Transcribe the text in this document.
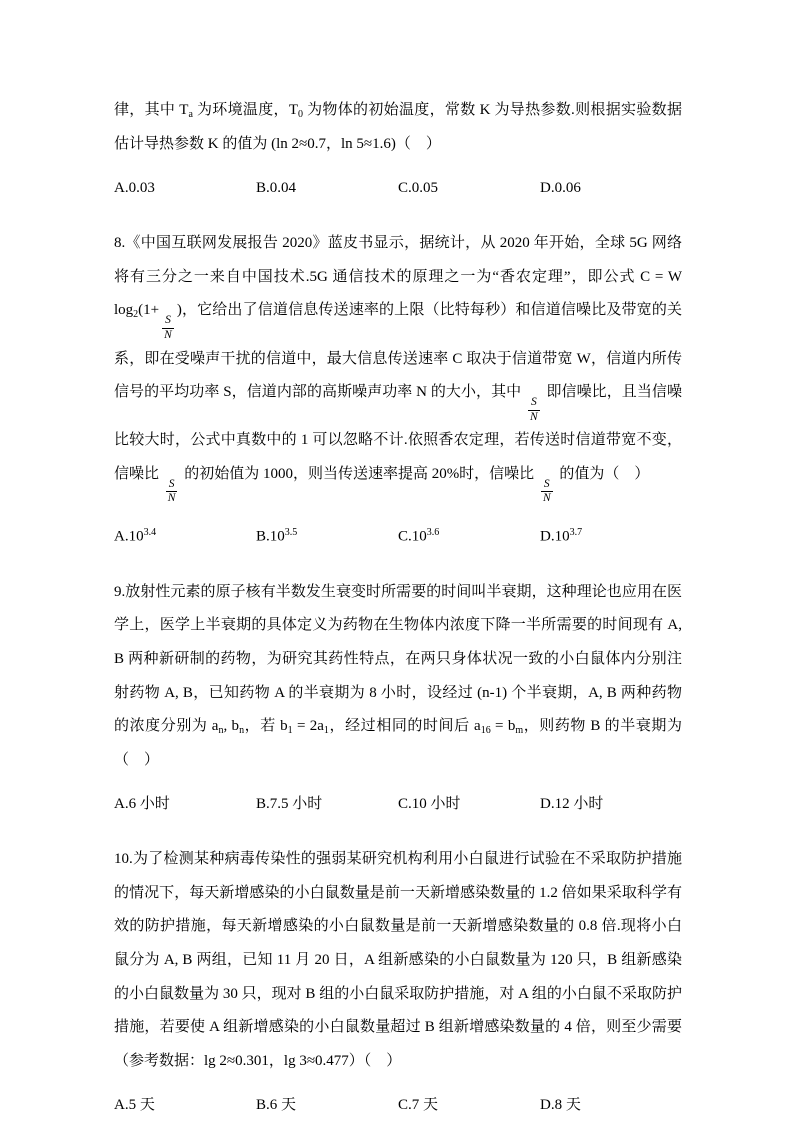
律，其中 $T_a$ 为环境温度，$T_0$ 为物体的初始温度，常数 K 为导热参数.则根据实验数据估计导热参数 K 的值为 (ln 2≈0.7，ln 5≈1.6)（　）

A.0.03	B.0.04	C.0.05	D.0.06

8.《中国互联网发展报告 2020》蓝皮书显示，据统计，从 2020 年开始，全球 5G 网络将有三分之一来自中国技术.5G 通信技术的原理之一为“香农定理”，即公式 C = W $\log_2(1+$
$\frac{S}{N}$
)，它给出了信道信息传送速率的上限（比特每秒）和信道信噪比及带宽的关系，即在受噪声干扰的信道中，最大信息传送速率 C 取决于信道带宽 W，信道内所传信号的平均功率 S，信道内部的高斯噪声功率 N 的大小，其中
$\frac{S}{N}$
即信噪比，且当信噪比较大时，公式中真数中的 1 可以忽略不计.依照香农定理，若传送时信道带宽不变，信噪比
$\frac{S}{N}$
的初始值为 1000，则当传送速率提高 20%时，信噪比
$\frac{S}{N}$
的值为（　）

$A.10^{3.4}$	$B.10^{3.5}$	$C.10^{3.6}$	$D.10^{3.7}$

9.放射性元素的原子核有半数发生衰变时所需要的时间叫半衰期，这种理论也应用在医学上，医学上半衰期的具体定义为药物在生物体内浓度下降一半所需要的时间现有 A, B 两种新研制的药物，为研究其药性特点，在两只身体状况一致的小白鼠体内分别注射药物 A, B，已知药物 A 的半衰期为 8 小时，设经过 (n-1) 个半衰期，A, B 两种药物的浓度分别为 $a_n$, $b_n$，若 $b_1 = 2a_1$，经过相同的时间后 $a_{16} = b_m$，则药物 B 的半衰期为（　）

A.6 小时	B.7.5 小时	C.10 小时	D.12 小时

10.为了检测某种病毒传染性的强弱某研究机构利用小白鼠进行试验在不采取防护措施的情况下，每天新增感染的小白鼠数量是前一天新增感染数量的 1.2 倍如果采取科学有效的防护措施，每天新增感染的小白鼠数量是前一天新增感染数量的 0.8 倍.现将小白鼠分为 A, B 两组，已知 11 月 20 日，A 组新感染的小白鼠数量为 120 只，B 组新感染的小白鼠数量为 30 只，现对 B 组的小白鼠采取防护措施，对 A 组的小白鼠不采取防护措施，若要使 A 组新增感染的小白鼠数量超过 B 组新增感染数量的 4 倍，则至少需要（参考数据：lg 2≈0.301，lg 3≈0.477）（　）

A.5 天	B.6 天	C.7 天	D.8 天
